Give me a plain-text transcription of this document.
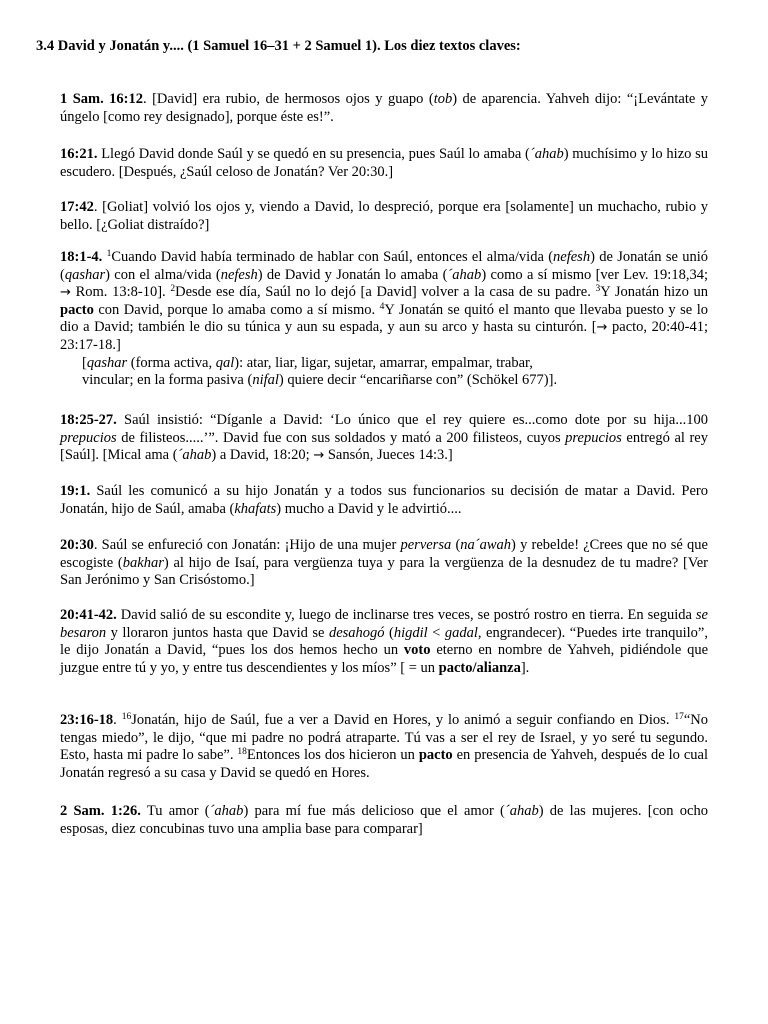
3.4 David y Jonatán y.... (1 Samuel 16–31 + 2 Samuel 1). Los diez textos claves:
1 Sam. 16:12. [David] era rubio, de hermosos ojos y guapo (tob) de aparencia. Yahveh dijo: “¡Levántate y úngelo [como rey designado], porque éste es!”.
16:21. Llegó David donde Saúl y se quedó en su presencia, pues Saúl lo amaba (´ahab) muchísimo y lo hizo su escudero. [Después, ¿Saúl celoso de Jonatán? Ver 20:30.]
17:42. [Goliat] volvió los ojos y, viendo a David, lo despreció, porque era [solamente] un muchacho, rubio y bello. [¿Goliat distraído?]
18:1-4. $^1$Cuando David había terminado de hablar con Saúl, entonces el alma/vida (nefesh) de Jonatán se unió (qashar) con el alma/vida (nefesh) de David y Jonatán lo amaba (´ahab) como a sí mismo [ver Lev. 19:18,34; → Rom. 13:8-10]. $^2$Desde ese día, Saúl no lo dejó [a David] volver a la casa de su padre. $^3$Y Jonatán hizo un pacto con David, porque lo amaba como a sí mismo. $^4$Y Jonatán se quitó el manto que llevaba puesto y se lo dio a David; también le dio su túnica y aun su espada, y aun su arco y hasta su cinturón. [→ pacto, 20:40-41; 23:17-18.]
[qashar (forma activa, qal): atar, liar, ligar, sujetar, amarrar, empalmar, trabar,
vincular; en la forma pasiva (nifal) quiere decir “encariñarse con” (Schökel 677)].
18:25-27. Saúl insistió: “Díganle a David: ‘Lo único que el rey quiere es...como dote por su hija...100 prepucios de filisteos.....’”. David fue con sus soldados y mató a 200 filisteos, cuyos prepucios entregó al rey [Saúl]. [Mical ama (´ahab) a David, 18:20; → Sansón, Jueces 14:3.]
19:1. Saúl les comunicó a su hijo Jonatán y a todos sus funcionarios su decisión de matar a David. Pero Jonatán, hijo de Saúl, amaba (khafats) mucho a David y le advirtió....
20:30. Saúl se enfureció con Jonatán: ¡Hijo de una mujer perversa (na´awah) y rebelde! ¿Crees que no sé que escogiste (bakhar) al hijo de Isaí, para vergüenza tuya y para la vergüenza de la desnudez de tu madre? [Ver San Jerónimo y San Crisóstomo.]
20:41-42. David salió de su escondite y, luego de inclinarse tres veces, se postró rostro en tierra. En seguida se besaron y lloraron juntos hasta que David se desahogó (higdil < gadal, engrandecer). “Puedes irte tranquilo”, le dijo Jonatán a David, “pues los dos hemos hecho un voto eterno en nombre de Yahveh, pidiéndole que juzgue entre tú y yo, y entre tus descendientes y los míos” [ = un pacto/alianza].
23:16-18. $^{16}$Jonatán, hijo de Saúl, fue a ver a David en Hores, y lo animó a seguir confiando en Dios. $^{17}$“No tengas miedo”, le dijo, “que mi padre no podrá atraparte. Tú vas a ser el rey de Israel, y yo seré tu segundo. Esto, hasta mi padre lo sabe”. $^{18}$Entonces los dos hicieron un pacto en presencia de Yahveh, después de lo cual Jonatán regresó a su casa y David se quedó en Hores.
2 Sam. 1:26. Tu amor (´ahab) para mí fue más delicioso que el amor (´ahab) de las mujeres. [con ocho esposas, diez concubinas tuvo una amplia base para comparar]
